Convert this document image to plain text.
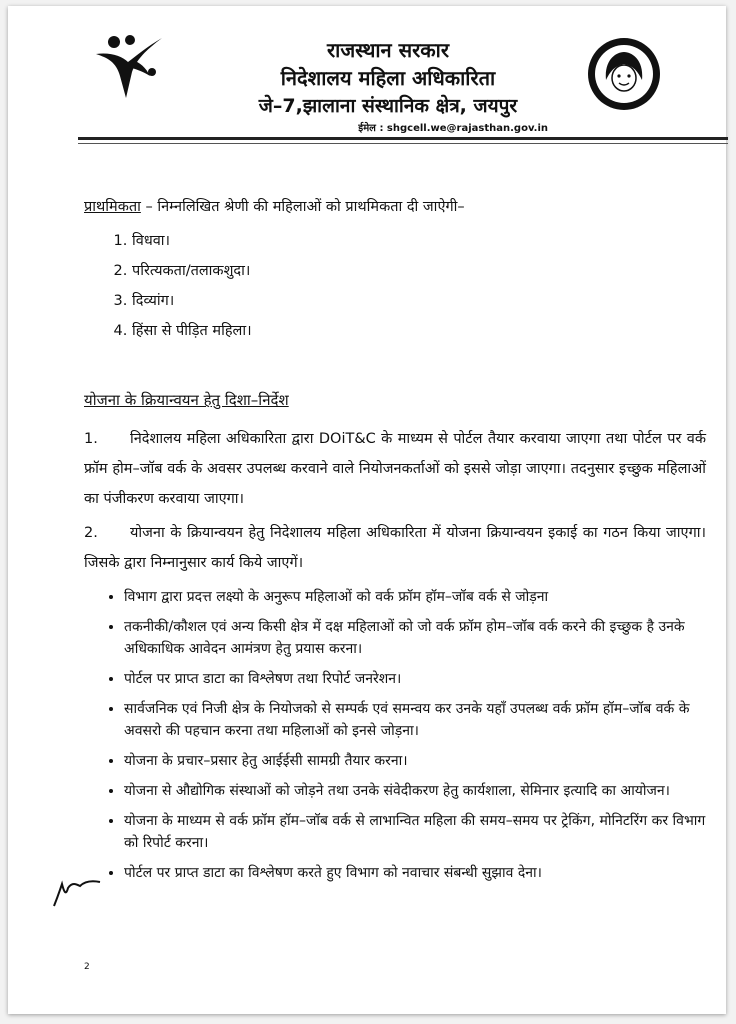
राजस्थान सरकार
निदेशालय महिला अधिकारिता
जे–7,झालाना संस्थानिक क्षेत्र, जयपुर
ईमेल : shgcell.we@rajasthan.gov.in
प्राथमिकता – निम्नलिखित श्रेणी की महिलाओं को प्राथमिकता दी जाऐगी–
1. विधवा।
2. परित्यकता/तलाकशुदा।
3. दिव्यांग।
4. हिंसा से पीड़ित महिला।
योजना के क्रियान्वयन हेतु दिशा–निर्देश
1. निदेशालय महिला अधिकारिता द्वारा DOiT&C के माध्यम से पोर्टल तैयार करवाया जाएगा तथा पोर्टल पर वर्क फ्रॉम होम–जॉब वर्क के अवसर उपलब्ध करवाने वाले नियोजनकर्ताओं को इससे जोड़ा जाएगा। तदनुसार इच्छुक महिलाओं का पंजीकरण करवाया जाएगा।
2. योजना के क्रियान्वयन हेतु निदेशालय महिला अधिकारिता में योजना क्रियान्वयन इकाई का गठन किया जाएगा। जिसके द्वारा निम्नानुसार कार्य किये जाएगें।
• विभाग द्वारा प्रदत्त लक्ष्यो के अनुरूप महिलाओं को वर्क फ्रॉम हॉम–जॉब वर्क से जोड़ना
• तकनीकी/कौशल एवं अन्य किसी क्षेत्र में दक्ष महिलाओं को जो वर्क फ्रॉम होम–जॉब वर्क करने की इच्छुक है उनके अधिकाधिक आवेदन आमंत्रण हेतु प्रयास करना।
• पोर्टल पर प्राप्त डाटा का विश्लेषण तथा रिपोर्ट जनरेशन।
• सार्वजनिक एवं निजी क्षेत्र के नियोजको से सम्पर्क एवं समन्वय कर उनके यहाँ उपलब्ध वर्क फ्रॉम हॉम–जॉब वर्क के अवसरो की पहचान करना तथा महिलाओं को इनसे जोड़ना।
• योजना के प्रचार–प्रसार हेतु आईईसी सामग्री तैयार करना।
• योजना से औद्योगिक संस्थाओं को जोड़ने तथा उनके संवेदीकरण हेतु कार्यशाला, सेमिनार इत्यादि का आयोजन।
• योजना के माध्यम से वर्क फ्रॉम हॉम–जॉब वर्क से लाभान्वित महिला की समय–समय पर ट्रेकिंग, मोनिटरिंग कर विभाग को रिपोर्ट करना।
• पोर्टल पर प्राप्त डाटा का विश्लेषण करते हुए विभाग को नवाचार संबन्धी सुझाव देना।
2
